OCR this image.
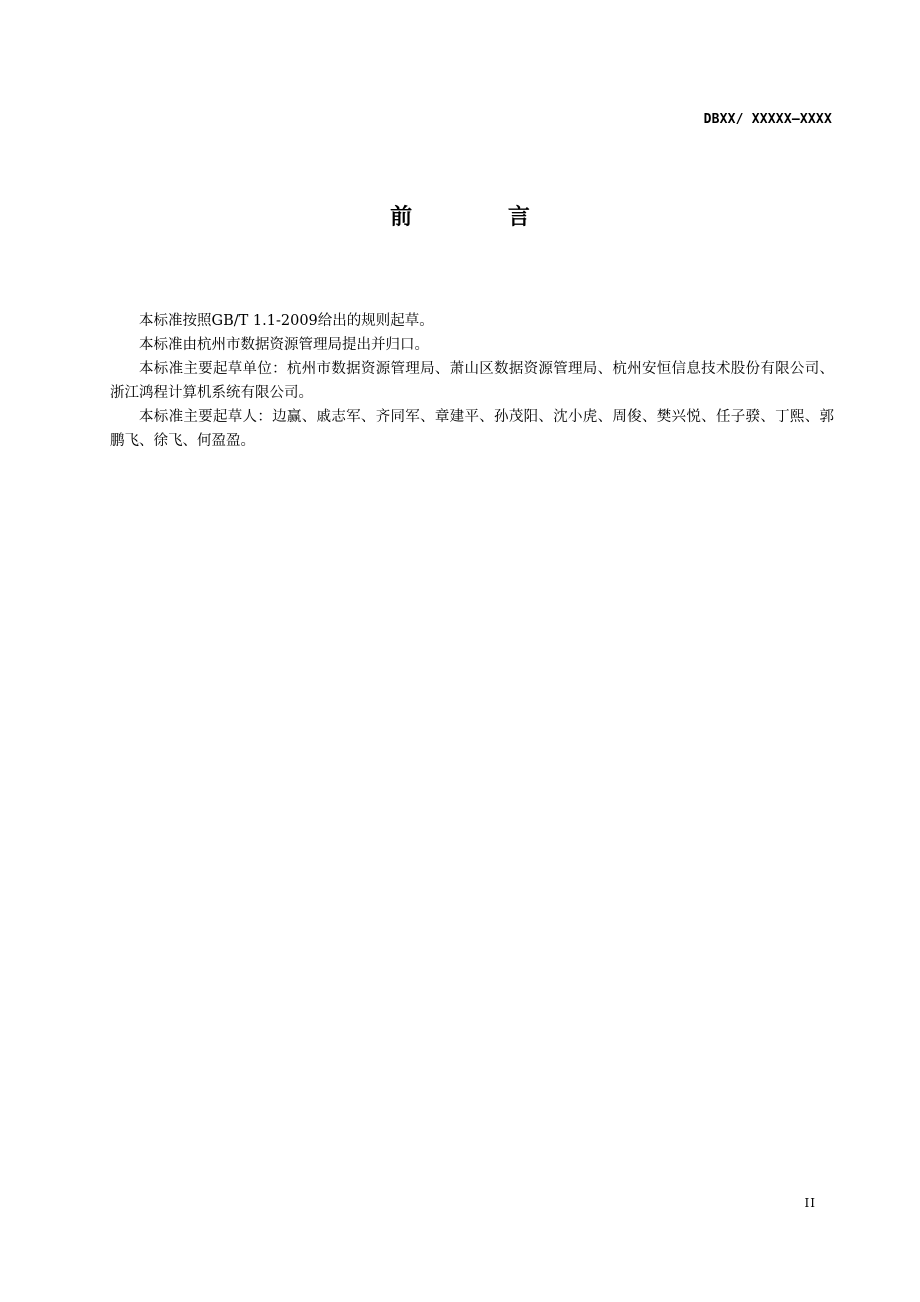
DBXX/ XXXXX—XXXX
前 言

本标准按照GB/T 1.1-2009给出的规则起草。

本标准由杭州市数据资源管理局提出并归口。

本标准主要起草单位：杭州市数据资源管理局、萧山区数据资源管理局、杭州安恒信息技术股份有限公司、浙江鸿程计算机系统有限公司。

本标准主要起草人：边赢、戚志军、齐同军、章建平、孙茂阳、沈小虎、周俊、樊兴悦、任子骙、丁熙、郭鹏飞、徐飞、何盈盈。

II
